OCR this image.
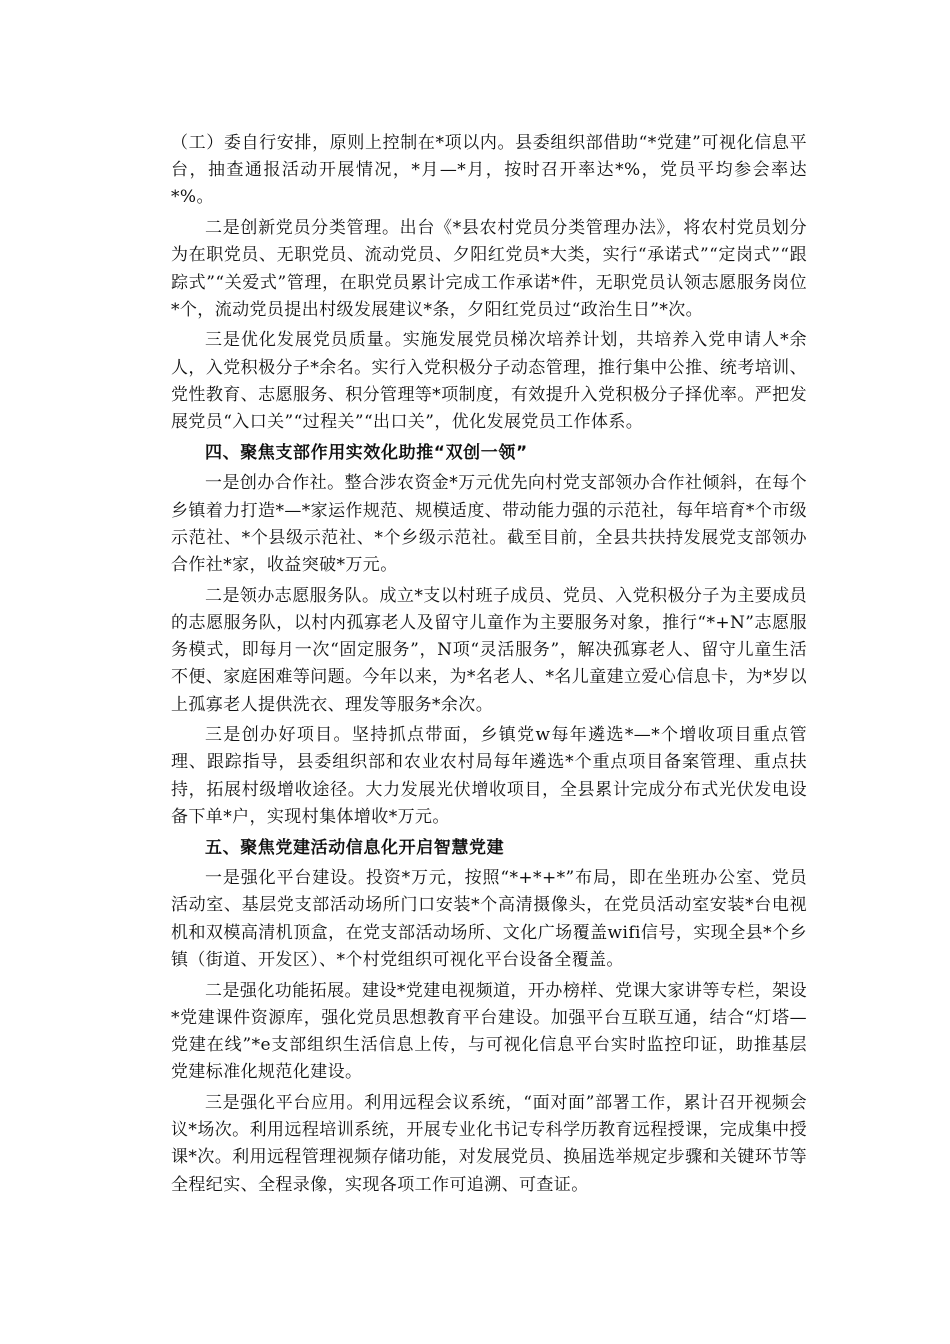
（工）委自行安排，原则上控制在*项以内。县委组织部借助“*党建”可视化信息平台，抽查通报活动开展情况，*月—*月，按时召开率达*%，党员平均参会率达*%。

二是创新党员分类管理。出台《*县农村党员分类管理办法》，将农村党员划分为在职党员、无职党员、流动党员、夕阳红党员*大类，实行“承诺式”“定岗式”“跟踪式”“关爱式”管理，在职党员累计完成工作承诺*件，无职党员认领志愿服务岗位*个，流动党员提出村级发展建议*条，夕阳红党员过“政治生日”*次。

三是优化发展党员质量。实施发展党员梯次培养计划，共培养入党申请人*余人，入党积极分子*余名。实行入党积极分子动态管理，推行集中公推、统考培训、党性教育、志愿服务、积分管理等*项制度，有效提升入党积极分子择优率。严把发展党员“入口关”“过程关”“出口关”，优化发展党员工作体系。

四、聚焦支部作用实效化助推“双创一领”

一是创办合作社。整合涉农资金*万元优先向村党支部领办合作社倾斜，在每个乡镇着力打造*—*家运作规范、规模适度、带动能力强的示范社，每年培育*个市级示范社、*个县级示范社、*个乡级示范社。截至目前，全县共扶持发展党支部领办合作社*家，收益突破*万元。

二是领办志愿服务队。成立*支以村班子成员、党员、入党积极分子为主要成员的志愿服务队，以村内孤寡老人及留守儿童作为主要服务对象，推行“*+N”志愿服务模式，即每月一次“固定服务”，N项“灵活服务”，解决孤寡老人、留守儿童生活不便、家庭困难等问题。今年以来，为*名老人、*名儿童建立爱心信息卡，为*岁以上孤寡老人提供洗衣、理发等服务*余次。

三是创办好项目。坚持抓点带面，乡镇党w每年遴选*—*个增收项目重点管理、跟踪指导，县委组织部和农业农村局每年遴选*个重点项目备案管理、重点扶持，拓展村级增收途径。大力发展光伏增收项目，全县累计完成分布式光伏发电设备下单*户，实现村集体增收*万元。

五、聚焦党建活动信息化开启智慧党建

一是强化平台建设。投资*万元，按照“*+*+*”布局，即在坐班办公室、党员活动室、基层党支部活动场所门口安装*个高清摄像头，在党员活动室安装*台电视机和双模高清机顶盒，在党支部活动场所、文化广场覆盖wifi信号，实现全县*个乡镇（街道、开发区）、*个村党组织可视化平台设备全覆盖。

二是强化功能拓展。建设*党建电视频道，开办榜样、党课大家讲等专栏，架设*党建课件资源库，强化党员思想教育平台建设。加强平台互联互通，结合“灯塔—党建在线”*e支部组织生活信息上传，与可视化信息平台实时监控印证，助推基层党建标准化规范化建设。

三是强化平台应用。利用远程会议系统，“面对面”部署工作，累计召开视频会议*场次。利用远程培训系统，开展专业化书记专科学历教育远程授课，完成集中授课*次。利用远程管理视频存储功能，对发展党员、换届选举规定步骤和关键环节等全程纪实、全程录像，实现各项工作可追溯、可查证。
